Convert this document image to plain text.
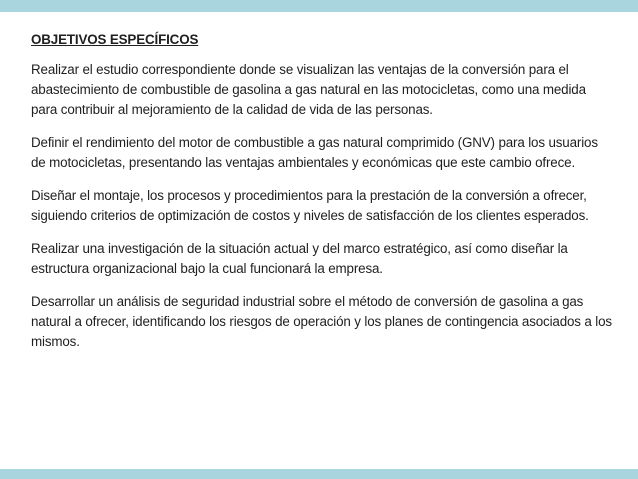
OBJETIVOS ESPECÍFICOS

Realizar el estudio correspondiente donde se visualizan las ventajas de la conversión para el abastecimiento de combustible de gasolina a gas natural en las motocicletas, como una medida para contribuir al mejoramiento de la calidad de vida de las personas.

Definir el rendimiento del motor de combustible a gas natural comprimido (GNV) para los usuarios de motocicletas, presentando las ventajas ambientales y económicas que este cambio ofrece.

Diseñar el montaje, los procesos y procedimientos para la prestación de la conversión a ofrecer, siguiendo criterios de optimización de costos y niveles de satisfacción de los clientes esperados.

Realizar una investigación de la situación actual y del marco estratégico, así como diseñar la estructura organizacional bajo la cual funcionará la empresa.

Desarrollar un análisis de seguridad industrial sobre el método de conversión de gasolina a gas natural a ofrecer, identificando los riesgos de operación y los planes de contingencia asociados a los mismos.
